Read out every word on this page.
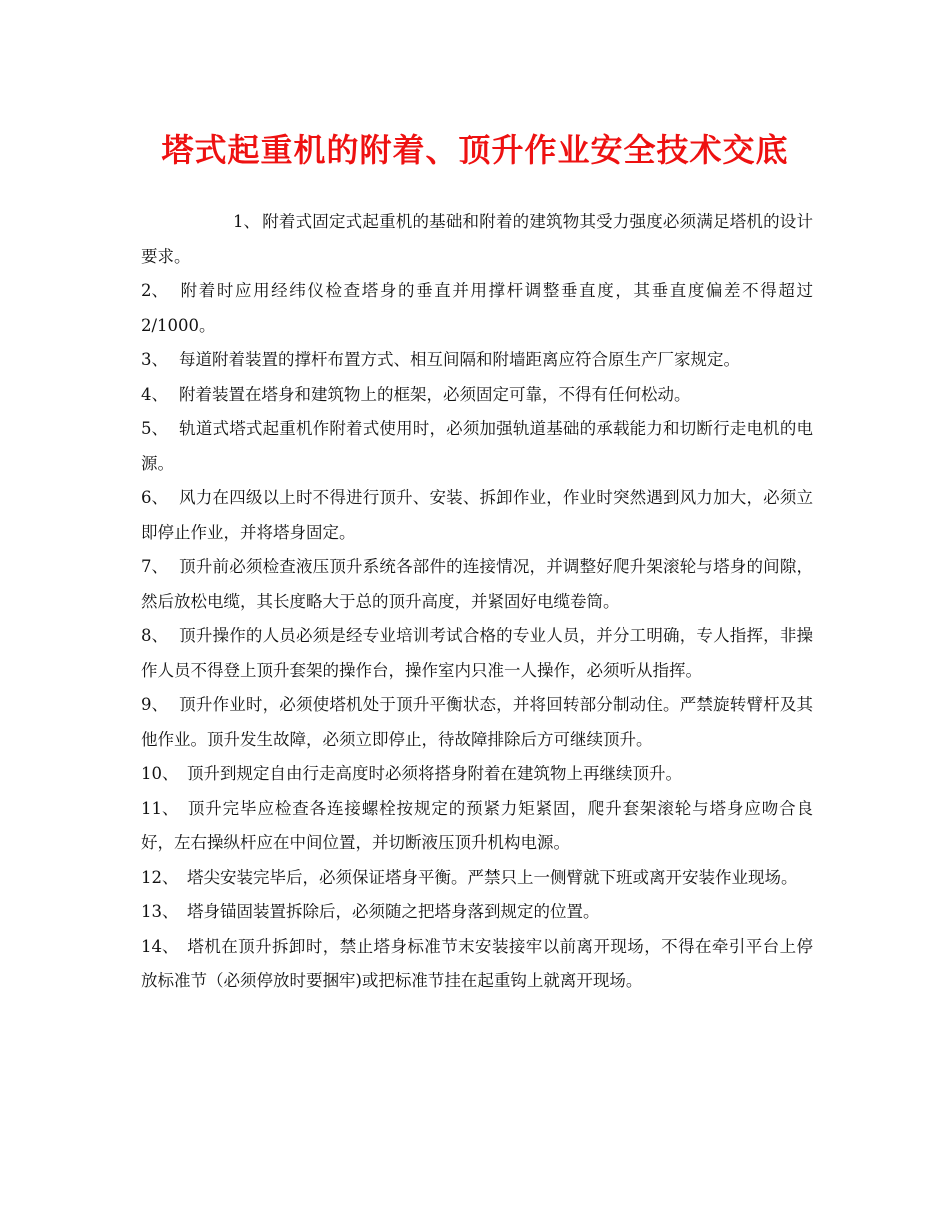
塔式起重机的附着、顶升作业安全技术交底

1、 附着式固定式起重机的基础和附着的建筑物其受力强度必须满足塔机的设计要求。

2、 附着时应用经纬仪检查塔身的垂直并用撑杆调整垂直度，其垂直度偏差不得超过2/1000。

3、 每道附着装置的撑杆布置方式、相互间隔和附墙距离应符合原生产厂家规定。

4、 附着装置在塔身和建筑物上的框架，必须固定可靠，不得有任何松动。

5、 轨道式塔式起重机作附着式使用时，必须加强轨道基础的承载能力和切断行走电机的电源。

6、 风力在四级以上时不得进行顶升、安装、拆卸作业，作业时突然遇到风力加大，必须立即停止作业，并将塔身固定。

7、 顶升前必须检查液压顶升系统各部件的连接情况，并调整好爬升架滚轮与塔身的间隙，然后放松电缆，其长度略大于总的顶升高度，并紧固好电缆卷筒。

8、 顶升操作的人员必须是经专业培训考试合格的专业人员，并分工明确，专人指挥，非操作人员不得登上顶升套架的操作台，操作室内只准一人操作，必须听从指挥。

9、 顶升作业时，必须使塔机处于顶升平衡状态，并将回转部分制动住。严禁旋转臂杆及其他作业。顶升发生故障，必须立即停止，待故障排除后方可继续顶升。

10、 顶升到规定自由行走高度时必须将搭身附着在建筑物上再继续顶升。

11、 顶升完毕应检查各连接螺栓按规定的预紧力矩紧固，爬升套架滚轮与塔身应吻合良好，左右操纵杆应在中间位置，并切断液压顶升机构电源。

12、 塔尖安装完毕后，必须保证塔身平衡。严禁只上一侧臂就下班或离开安装作业现场。

13、 塔身锚固装置拆除后，必须随之把塔身落到规定的位置。

14、 塔机在顶升拆卸时，禁止塔身标准节末安装接牢以前离开现场，不得在牵引平台上停放标准节（必须停放时要捆牢)或把标准节挂在起重钩上就离开现场。
